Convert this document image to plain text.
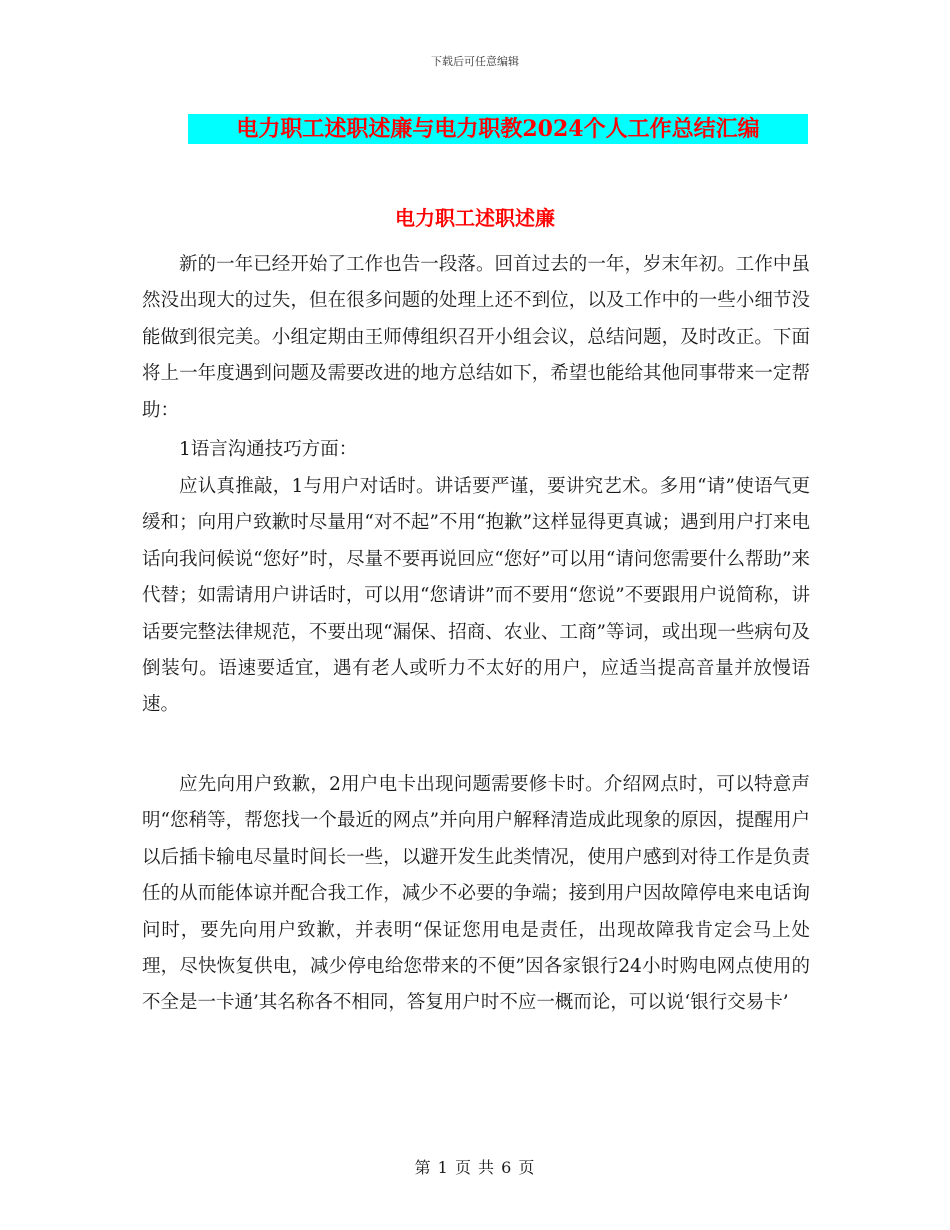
下载后可任意编辑
电力职工述职述廉与电力职教2024个人工作总结汇编
电力职工述职述廉

新的一年已经开始了工作也告一段落。回首过去的一年，岁末年初。工作中虽然没出现大的过失，但在很多问题的处理上还不到位，以及工作中的一些小细节没能做到很完美。小组定期由王师傅组织召开小组会议，总结问题，及时改正。下面将上一年度遇到问题及需要改进的地方总结如下，希望也能给其他同事带来一定帮助：

1语言沟通技巧方面：

应认真推敲，1与用户对话时。讲话要严谨，要讲究艺术。多用“请”使语气更缓和；向用户致歉时尽量用“对不起”不用“抱歉”这样显得更真诚；遇到用户打来电话向我问候说“您好”时，尽量不要再说回应“您好”可以用“请问您需要什么帮助”来代替；如需请用户讲话时，可以用“您请讲”而不要用“您说”不要跟用户说简称，讲话要完整法律规范，不要出现“漏保、招商、农业、工商”等词，或出现一些病句及倒装句。语速要适宜，遇有老人或听力不太好的用户，应适当提高音量并放慢语速。

应先向用户致歉，2用户电卡出现问题需要修卡时。介绍网点时，可以特意声明“您稍等，帮您找一个最近的网点”并向用户解释清造成此现象的原因，提醒用户以后插卡输电尽量时间长一些，以避开发生此类情况，使用户感到对待工作是负责任的从而能体谅并配合我工作，减少不必要的争端；接到用户因故障停电来电话询问时，要先向用户致歉，并表明“保证您用电是责任，出现故障我肯定会马上处理，尽快恢复供电，减少停电给您带来的不便”因各家银行24小时购电网点使用的不全是一卡通’其名称各不相同，答复用户时不应一概而论，可以说‘银行交易卡’

第 1 页 共 6 页
